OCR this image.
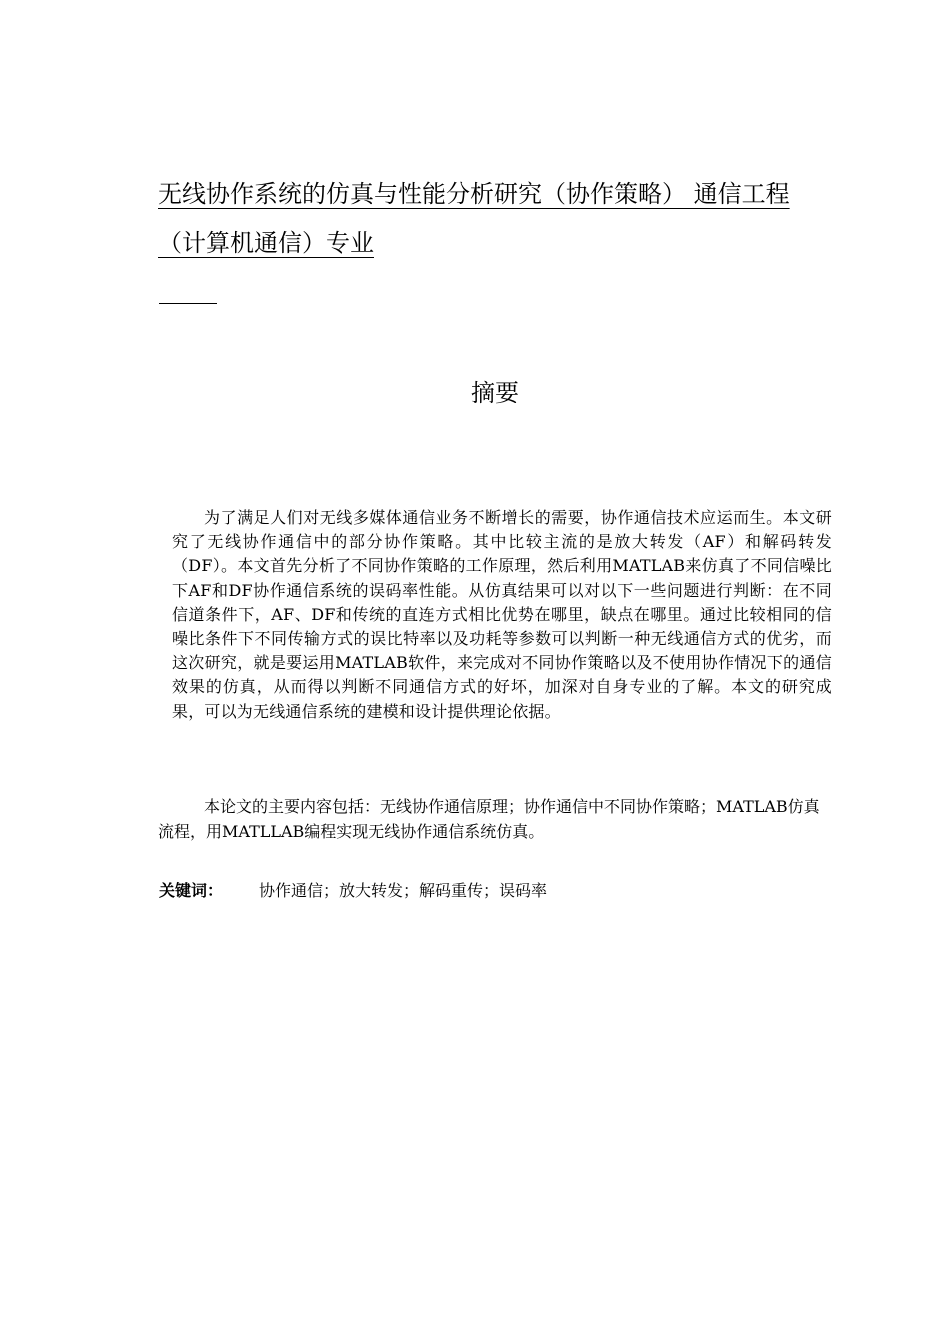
无线协作系统的仿真与性能分析研究（协作策略） 通信工程
（计算机通信）专业
摘要

为了满足人们对无线多媒体通信业务不断增长的需要，协作通信技术应运而生。本文研究了无线协作通信中的部分协作策略。其中比较主流的是放大转发（AF）和解码转发（DF）。本文首先分析了不同协作策略的工作原理，然后利用MATLAB来仿真了不同信噪比下AF和DF协作通信系统的误码率性能。从仿真结果可以对以下一些问题进行判断：在不同信道条件下，AF、DF和传统的直连方式相比优势在哪里，缺点在哪里。通过比较相同的信噪比条件下不同传输方式的误比特率以及功耗等参数可以判断一种无线通信方式的优劣，而这次研究，就是要运用MATLAB软件，来完成对不同协作策略以及不使用协作情况下的通信效果的仿真，从而得以判断不同通信方式的好坏，加深对自身专业的了解。本文的研究成果，可以为无线通信系统的建模和设计提供理论依据。

本论文的主要内容包括：无线协作通信原理；协作通信中不同协作策略；MATLAB仿真流程，用MATLLAB编程实现无线协作通信系统仿真。

关键词： 协作通信；放大转发；解码重传；误码率
